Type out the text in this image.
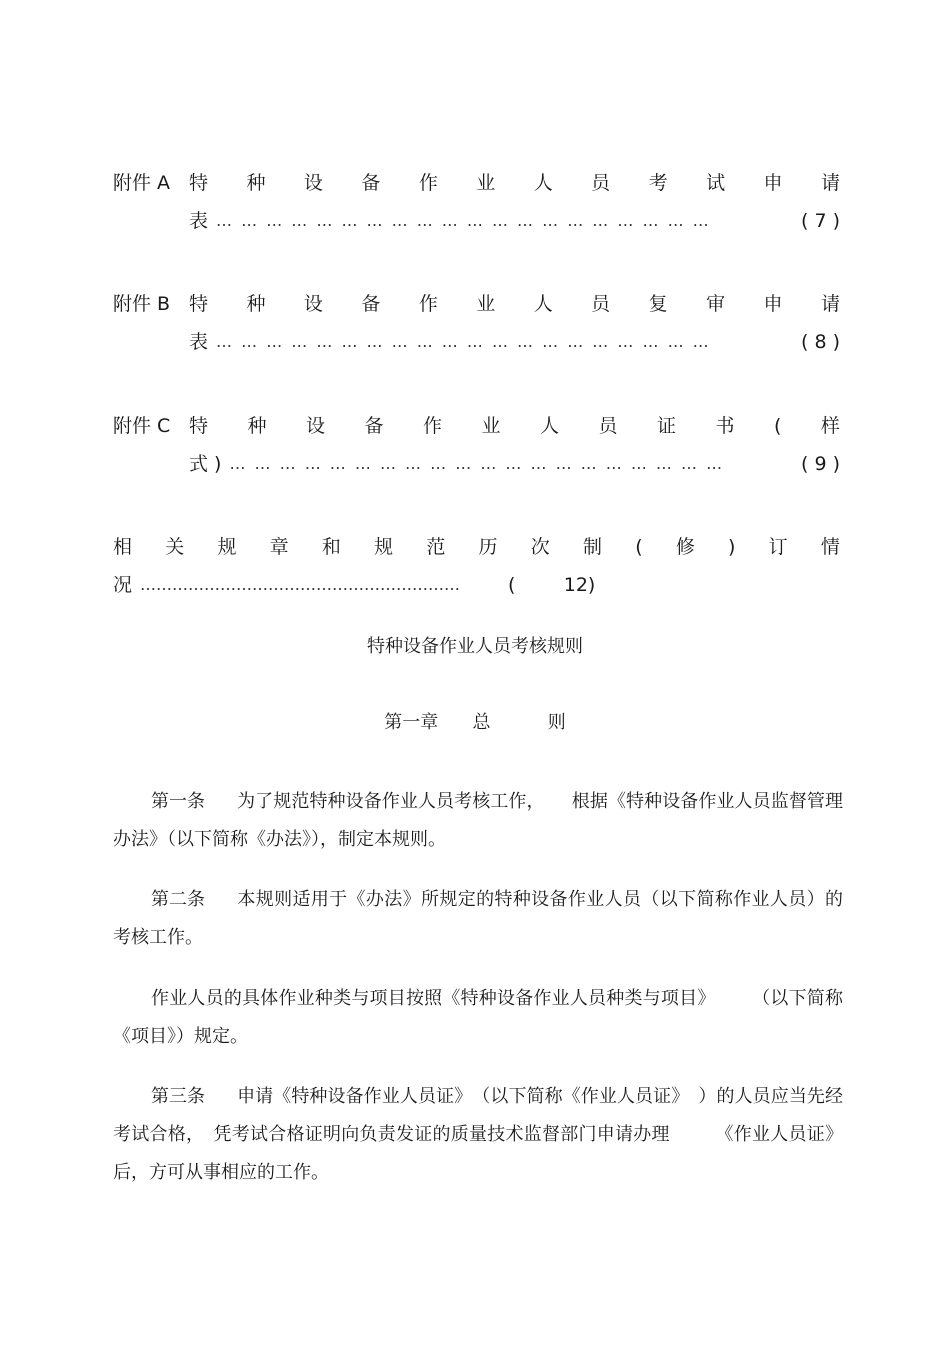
附件 A 特 种 设 备 作 业 人 员 考 试 申 请
表 … … … … … … … … … … … … … … … … … … … …	( 7 )
附件 B 特 种 设 备 作 业 人 员 复 审 申 请
表 … … … … … … … … … … … … … … … … … … … …	( 8 )
附件 C 特 种 设 备 作 业 人 员 证 书 ( 样
式 ) … … … … … … … … … … … … … … … … … … … …	( 9 )
相 关 规 章 和 规 范 历 次 制 ( 修 ) 订 情
况 ……………………………………………………	(        12)
特种设备作业人员考核规则
第一章      总          则
第一条 为了规范特种设备作业人员考核工作，　　根据《特种设备作业人员监督管理办法》（以下简称《办法》），制定本规则。
第二条 本规则适用于《办法》所规定的特种设备作业人员（以下简称作业人员）的考核工作。
作业人员的具体作业种类与项目按照《特种设备作业人员种类与项目》　　　（以下简称《项目》）规定。
第三条 申请《特种设备作业人员证》　（以下简称《作业人员证》　）的人员应当先经考试合格，　凭考试合格证明向负责发证的质量技术监督部门申请办理　　　《作业人员证》后，方可从事相应的工作。
